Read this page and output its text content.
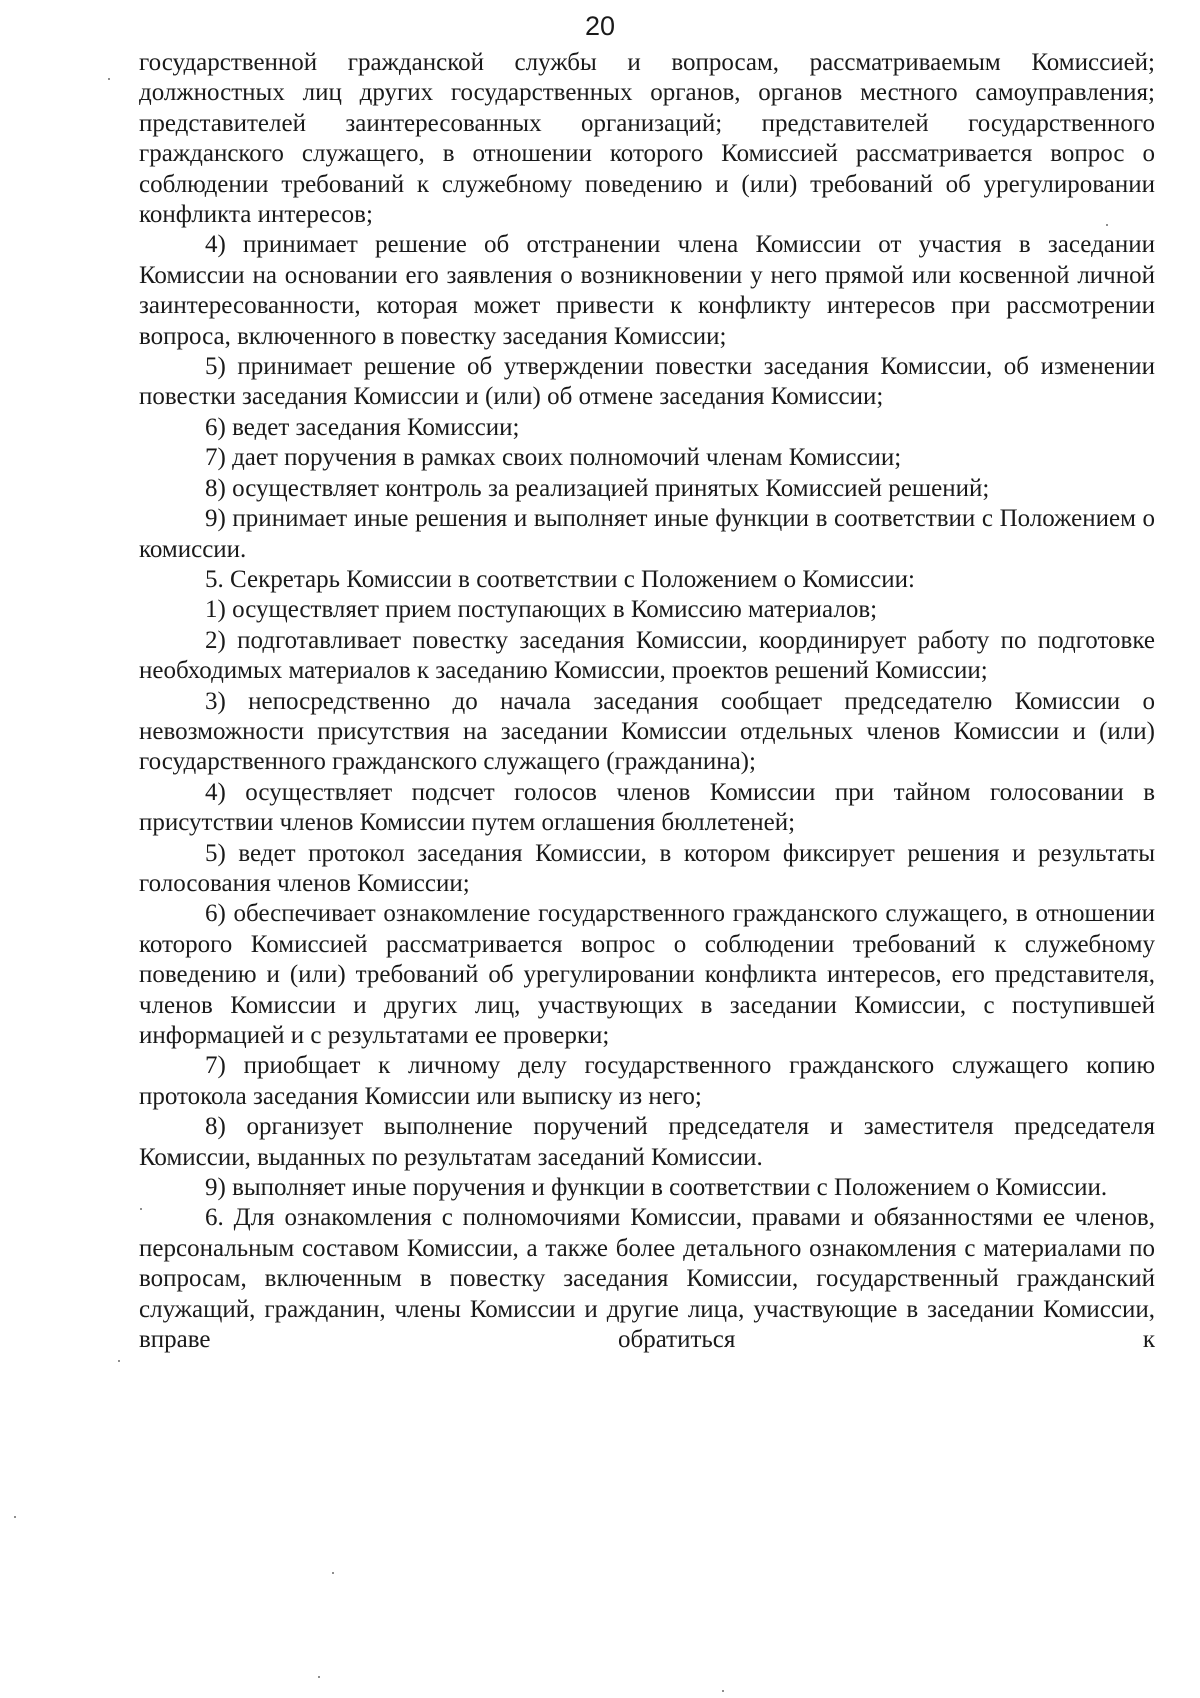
20

государственной гражданской службы и вопросам, рассматриваемым Комиссией; должностных лиц других государственных органов, органов местного самоуправления; представителей заинтересованных организаций; представителей государственного гражданского служащего, в отношении которого Комиссией рассматривается вопрос о соблюдении требований к служебному поведению и (или) требований об урегулировании конфликта интересов;

4) принимает решение об отстранении члена Комиссии от участия в заседании Комиссии на основании его заявления о возникновении у него прямой или косвенной личной заинтересованности, которая может привести к конфликту интересов при рассмотрении вопроса, включенного в повестку заседания Комиссии;

5) принимает решение об утверждении повестки заседания Комиссии, об изменении повестки заседания Комиссии и (или) об отмене заседания Комиссии;

6) ведет заседания Комиссии;

7) дает поручения в рамках своих полномочий членам Комиссии;

8) осуществляет контроль за реализацией принятых Комиссией решений;

9) принимает иные решения и выполняет иные функции в соответствии с Положением о комиссии.

5. Секретарь Комиссии в соответствии с Положением о Комиссии:

1) осуществляет прием поступающих в Комиссию материалов;

2) подготавливает повестку заседания Комиссии, координирует работу по подготовке необходимых материалов к заседанию Комиссии, проектов решений Комиссии;

3) непосредственно до начала заседания сообщает председателю Комиссии о невозможности присутствия на заседании Комиссии отдельных членов Комиссии и (или) государственного гражданского служащего (гражданина);

4) осуществляет подсчет голосов членов Комиссии при тайном голосовании в присутствии членов Комиссии путем оглашения бюллетеней;

5) ведет протокол заседания Комиссии, в котором фиксирует решения и результаты голосования членов Комиссии;

6) обеспечивает ознакомление государственного гражданского служащего, в отношении которого Комиссией рассматривается вопрос о соблюдении требований к служебному поведению и (или) требований об урегулировании конфликта интересов, его представителя, членов Комиссии и других лиц, участвующих в заседании Комиссии, с поступившей информацией и с результатами ее проверки;

7) приобщает к личному делу государственного гражданского служащего копию протокола заседания Комиссии или выписку из него;

8) организует выполнение поручений председателя и заместителя председателя Комиссии, выданных по результатам заседаний Комиссии.

9) выполняет иные поручения и функции в соответствии с Положением о Комиссии.

6. Для ознакомления с полномочиями Комиссии, правами и обязанностями ее членов, персональным составом Комиссии, а также более детального ознакомления с материалами по вопросам, включенным в повестку заседания Комиссии, государственный гражданский служащий, гражданин, члены Комиссии и другие лица, участвующие в заседании Комиссии, вправе обратиться к
